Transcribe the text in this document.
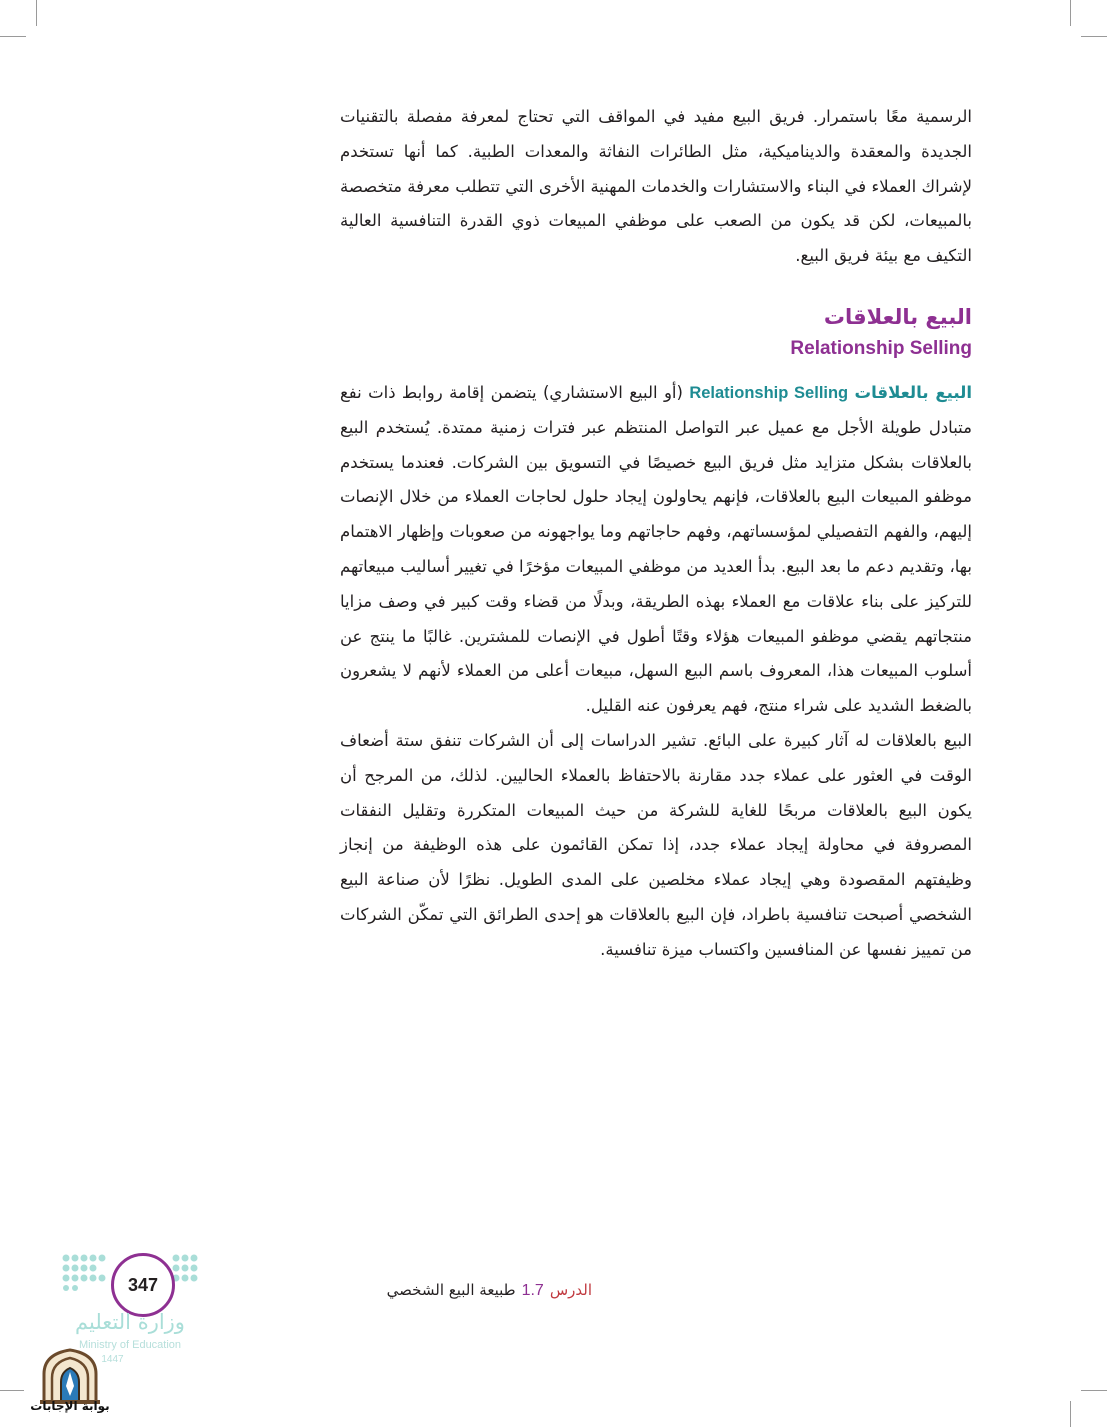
الرسمية معًا باستمرار. فريق البيع مفيد في المواقف التي تحتاج لمعرفة مفصلة بالتقنيات الجديدة والمعقدة والديناميكية، مثل الطائرات النفاثة والمعدات الطبية. كما أنها تستخدم لإشراك العملاء في البناء والاستشارات والخدمات المهنية الأخرى التي تتطلب معرفة متخصصة بالمبيعات، لكن قد يكون من الصعب على موظفي المبيعات ذوي القدرة التنافسية العالية التكيف مع بيئة فريق البيع.

البيع بالعلاقات
Relationship Selling

البيع بالعلاقات Relationship Selling (أو البيع الاستشاري) يتضمن إقامة روابط ذات نفع متبادل طويلة الأجل مع عميل عبر التواصل المنتظم عبر فترات زمنية ممتدة. يُستخدم البيع بالعلاقات بشكل متزايد مثل فريق البيع خصيصًا في التسويق بين الشركات. فعندما يستخدم موظفو المبيعات البيع بالعلاقات، فإنهم يحاولون إيجاد حلول لحاجات العملاء من خلال الإنصات إليهم، والفهم التفصيلي لمؤسساتهم، وفهم حاجاتهم وما يواجهونه من صعوبات وإظهار الاهتمام بها، وتقديم دعم ما بعد البيع. بدأ العديد من موظفي المبيعات مؤخرًا في تغيير أساليب مبيعاتهم للتركيز على بناء علاقات مع العملاء بهذه الطريقة، وبدلًا من قضاء وقت كبير في وصف مزايا منتجاتهم يقضي موظفو المبيعات هؤلاء وقتًا أطول في الإنصات للمشترين. غالبًا ما ينتج عن أسلوب المبيعات هذا، المعروف باسم البيع السهل، مبيعات أعلى من العملاء لأنهم لا يشعرون بالضغط الشديد على شراء منتج، فهم يعرفون عنه القليل.

البيع بالعلاقات له آثار كبيرة على البائع. تشير الدراسات إلى أن الشركات تنفق ستة أضعاف الوقت في العثور على عملاء جدد مقارنة بالاحتفاظ بالعملاء الحاليين. لذلك، من المرجح أن يكون البيع بالعلاقات مربحًا للغاية للشركة من حيث المبيعات المتكررة وتقليل النفقات المصروفة في محاولة إيجاد عملاء جدد، إذا تمكن القائمون على هذه الوظيفة من إنجاز وظيفتهم المقصودة وهي إيجاد عملاء مخلصين على المدى الطويل. نظرًا لأن صناعة البيع الشخصي أصبحت تنافسية باطراد، فإن البيع بالعلاقات هو إحدى الطرائق التي تمكّن الشركات من تمييز نفسها عن المنافسين واكتساب ميزة تنافسية.

الدرس1.7طبيعة البيع الشخصي
347
وزارة التعليم
Ministry of Education
1447
بوابة الإجابات
